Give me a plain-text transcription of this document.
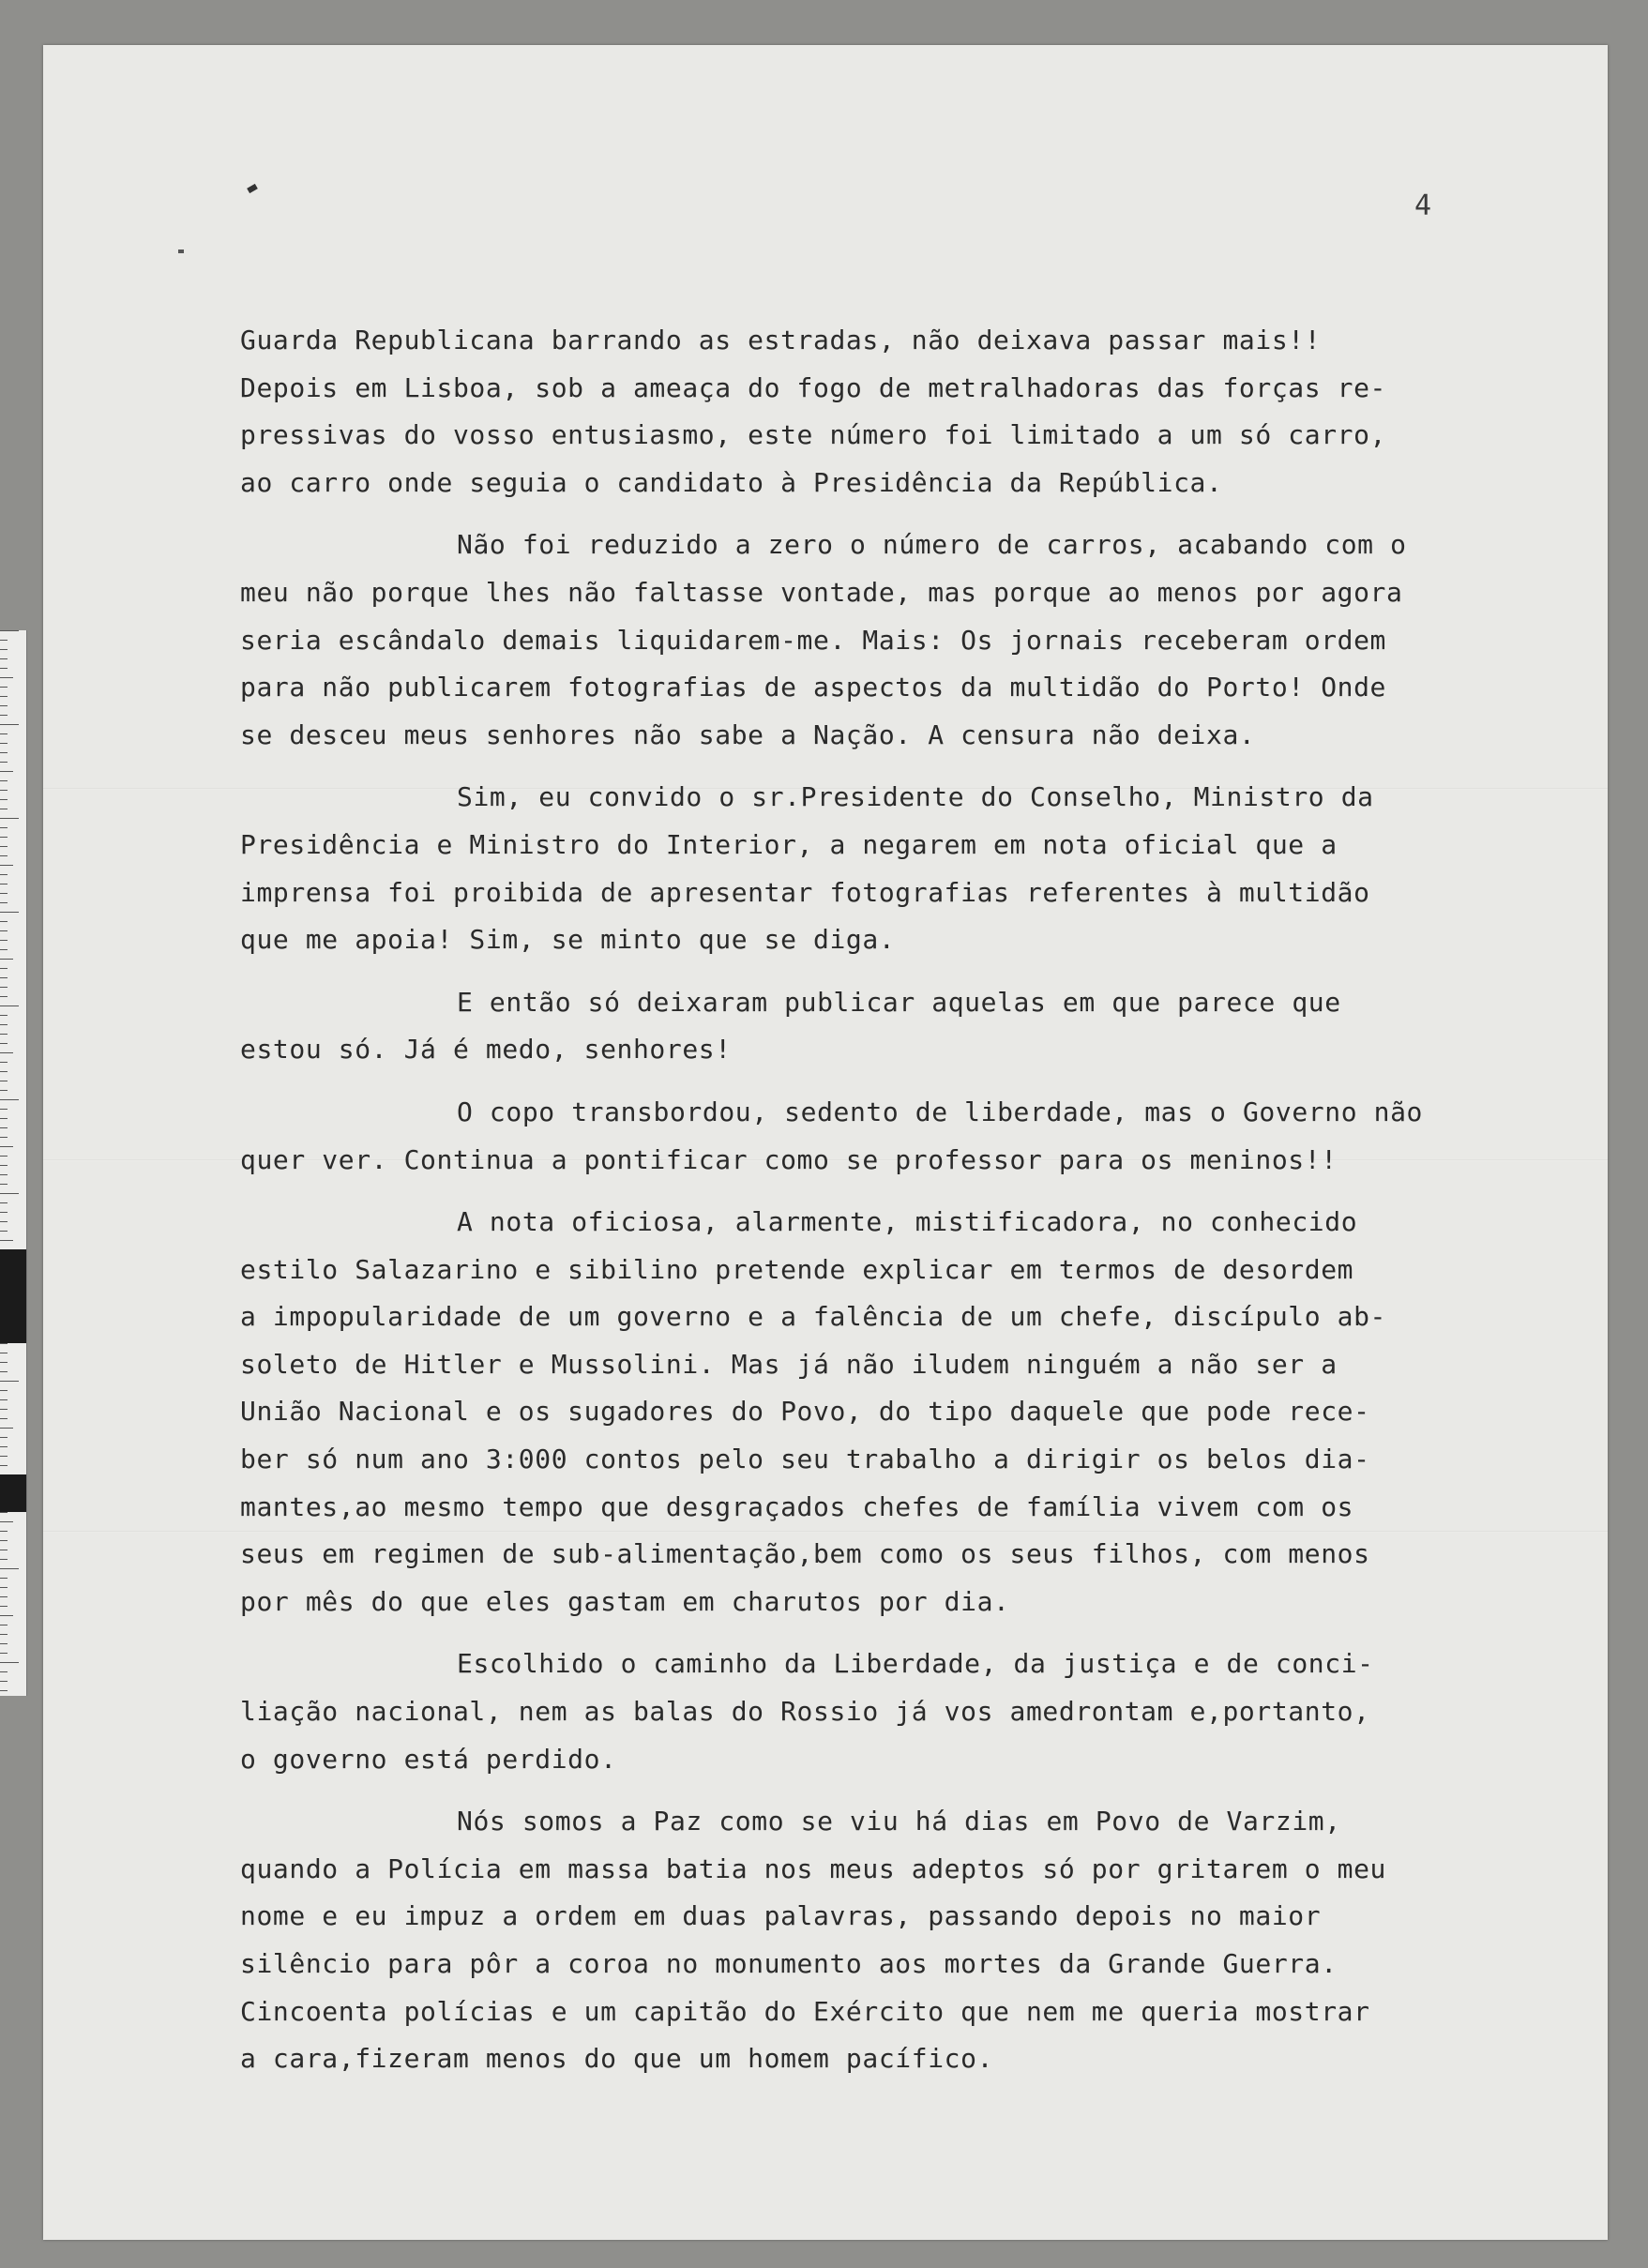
4
Guarda Republicana barrando as estradas, não deixava passar mais!!
Depois em Lisboa, sob a ameaça do fogo de metralhadoras das forças re-
pressivas do vosso entusiasmo, este número foi limitado a um só carro,
ao carro onde seguia o candidato à Presidência da República.
Não foi reduzido a zero o número de carros, acabando com o
meu não porque lhes não faltasse vontade, mas porque ao menos por agora
seria escândalo demais liquidarem-me. Mais: Os jornais receberam ordem
para não publicarem fotografias de aspectos da multidão do Porto! Onde
se desceu meus senhores não sabe a Nação. A censura não deixa.
Sim, eu convido o sr.Presidente do Conselho, Ministro da
Presidência e Ministro do Interior, a negarem em nota oficial que a
imprensa foi proibida de apresentar fotografias referentes à multidão
que me apoia! Sim, se minto que se diga.
E então só deixaram publicar aquelas em que parece que
estou só. Já é medo, senhores!
O copo transbordou, sedento de liberdade, mas o Governo não
quer ver. Continua a pontificar como se professor para os meninos!!
A nota oficiosa, alarmente, mistificadora, no conhecido
estilo Salazarino e sibilino pretende explicar em termos de desordem
a impopularidade de um governo e a falência de um chefe, discípulo ab-
soleto de Hitler e Mussolini. Mas já não iludem ninguém a não ser a
União Nacional e os sugadores do Povo, do tipo daquele que pode rece-
ber só num ano 3:000 contos pelo seu trabalho a dirigir os belos dia-
mantes,ao mesmo tempo que desgraçados chefes de família vivem com os
seus em regimen de sub-alimentação,bem como os seus filhos, com menos
por mês do que eles gastam em charutos por dia.
Escolhido o caminho da Liberdade, da justiça e de conci-
liação nacional, nem as balas do Rossio já vos amedrontam e,portanto,
o governo está perdido.
Nós somos a Paz como se viu há dias em Povo de Varzim,
quando a Polícia em massa batia nos meus adeptos só por gritarem o meu
nome e eu impuz a ordem em duas palavras, passando depois no maior
silêncio para pôr a coroa no monumento aos mortes da Grande Guerra.
Cincoenta polícias e um capitão do Exército que nem me queria mostrar
a cara,fizeram menos do que um homem pacífico.
